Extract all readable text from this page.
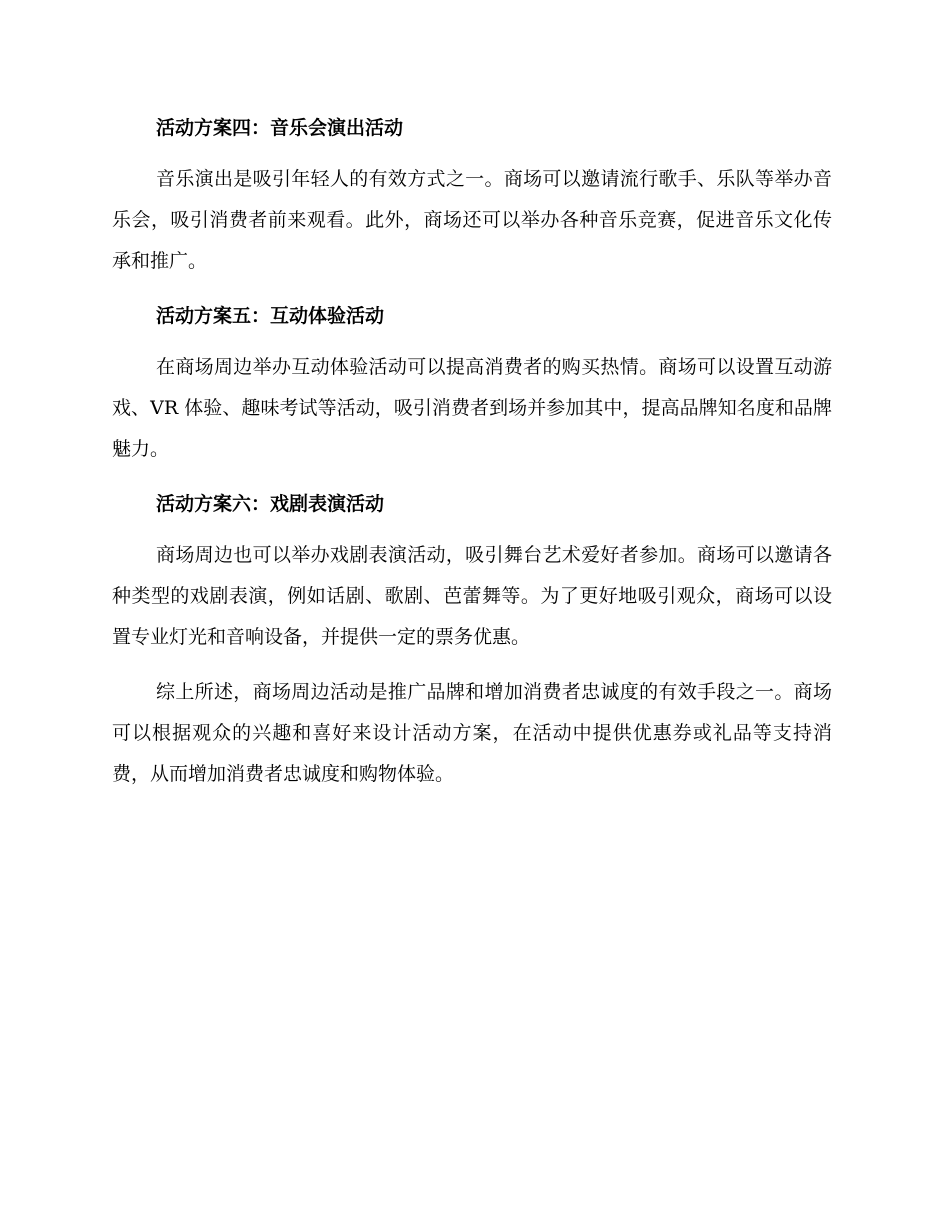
活动方案四：音乐会演出活动

音乐演出是吸引年轻人的有效方式之一。商场可以邀请流行歌手、乐队等举办音乐会，吸引消费者前来观看。此外，商场还可以举办各种音乐竞赛，促进音乐文化传承和推广。

活动方案五：互动体验活动

在商场周边举办互动体验活动可以提高消费者的购买热情。商场可以设置互动游戏、VR 体验、趣味考试等活动，吸引消费者到场并参加其中，提高品牌知名度和品牌魅力。

活动方案六：戏剧表演活动

商场周边也可以举办戏剧表演活动，吸引舞台艺术爱好者参加。商场可以邀请各种类型的戏剧表演，例如话剧、歌剧、芭蕾舞等。为了更好地吸引观众，商场可以设置专业灯光和音响设备，并提供一定的票务优惠。

综上所述，商场周边活动是推广品牌和增加消费者忠诚度的有效手段之一。商场可以根据观众的兴趣和喜好来设计活动方案，在活动中提供优惠券或礼品等支持消费，从而增加消费者忠诚度和购物体验。
